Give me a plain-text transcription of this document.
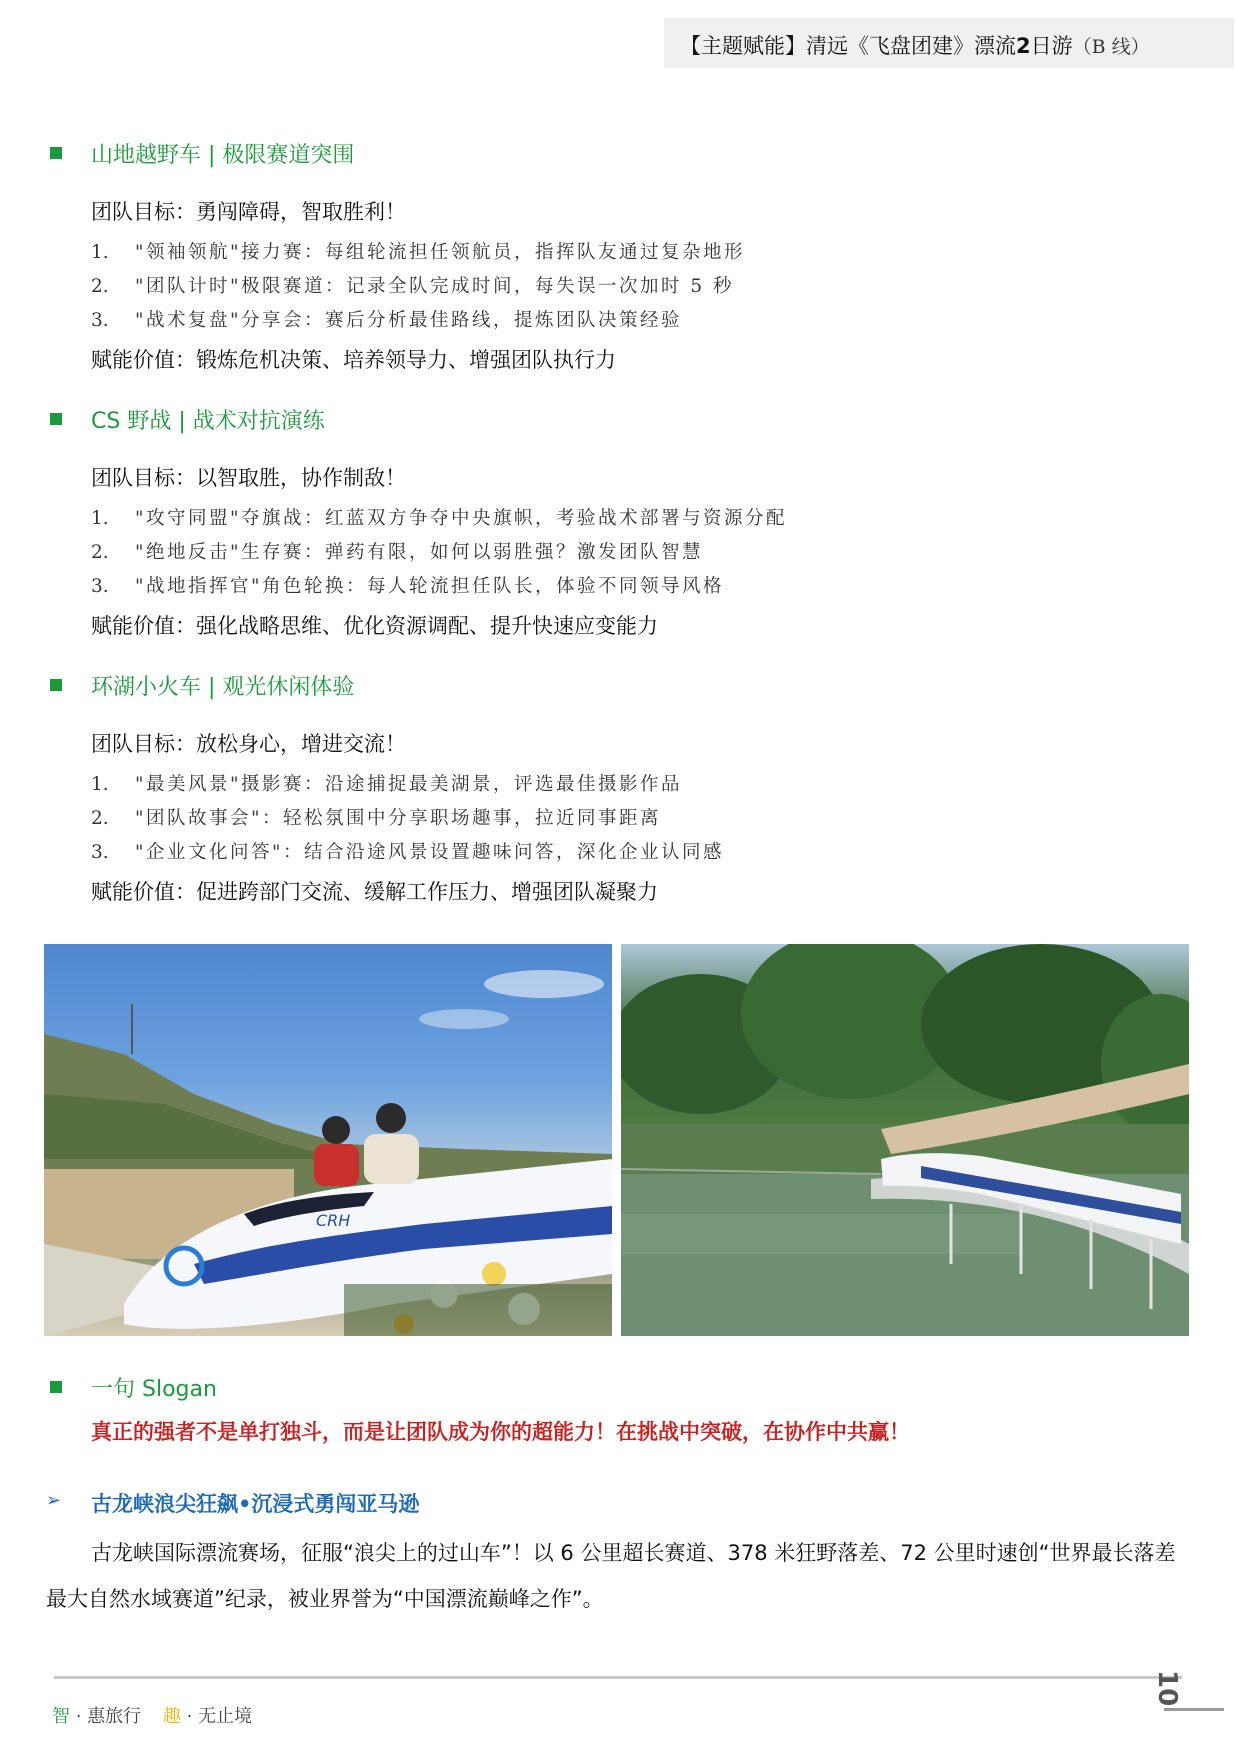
【主题赋能】清远《飞盘团建》漂流2日游（B 线）
山地越野车 | 极限赛道突围
团队目标：勇闯障碍，智取胜利！
1. "领袖领航"接力赛：每组轮流担任领航员，指挥队友通过复杂地形
2. "团队计时"极限赛道：记录全队完成时间，每失误一次加时 5 秒
3. "战术复盘"分享会：赛后分析最佳路线，提炼团队决策经验
赋能价值：锻炼危机决策、培养领导力、增强团队执行力
CS 野战 | 战术对抗演练
团队目标：以智取胜，协作制敌！
1. "攻守同盟"夺旗战：红蓝双方争夺中央旗帜，考验战术部署与资源分配
2. "绝地反击"生存赛：弹药有限，如何以弱胜强？激发团队智慧
3. "战地指挥官"角色轮换：每人轮流担任队长，体验不同领导风格
赋能价值：强化战略思维、优化资源调配、提升快速应变能力
环湖小火车 | 观光休闲体验
团队目标：放松身心，增进交流！
1. "最美风景"摄影赛：沿途捕捉最美湖景，评选最佳摄影作品
2. "团队故事会"：轻松氛围中分享职场趣事，拉近同事距离
3. "企业文化问答"：结合沿途风景设置趣味问答，深化企业认同感
赋能价值：促进跨部门交流、缓解工作压力、增强团队凝聚力
CRH
一句 Slogan
真正的强者不是单打独斗，而是让团队成为你的超能力！在挑战中突破，在协作中共赢！
➢ 古龙峡浪尖狂飙•沉浸式勇闯亚马逊
古龙峡国际漂流赛场，征服“浪尖上的过山车”！以 6 公里超长赛道、378 米狂野落差、72 公里时速创“世界最长落差最大自然水域赛道”纪录，被业界誉为“中国漂流巅峰之作”。
10
智 · 惠旅行 趣 · 无止境
